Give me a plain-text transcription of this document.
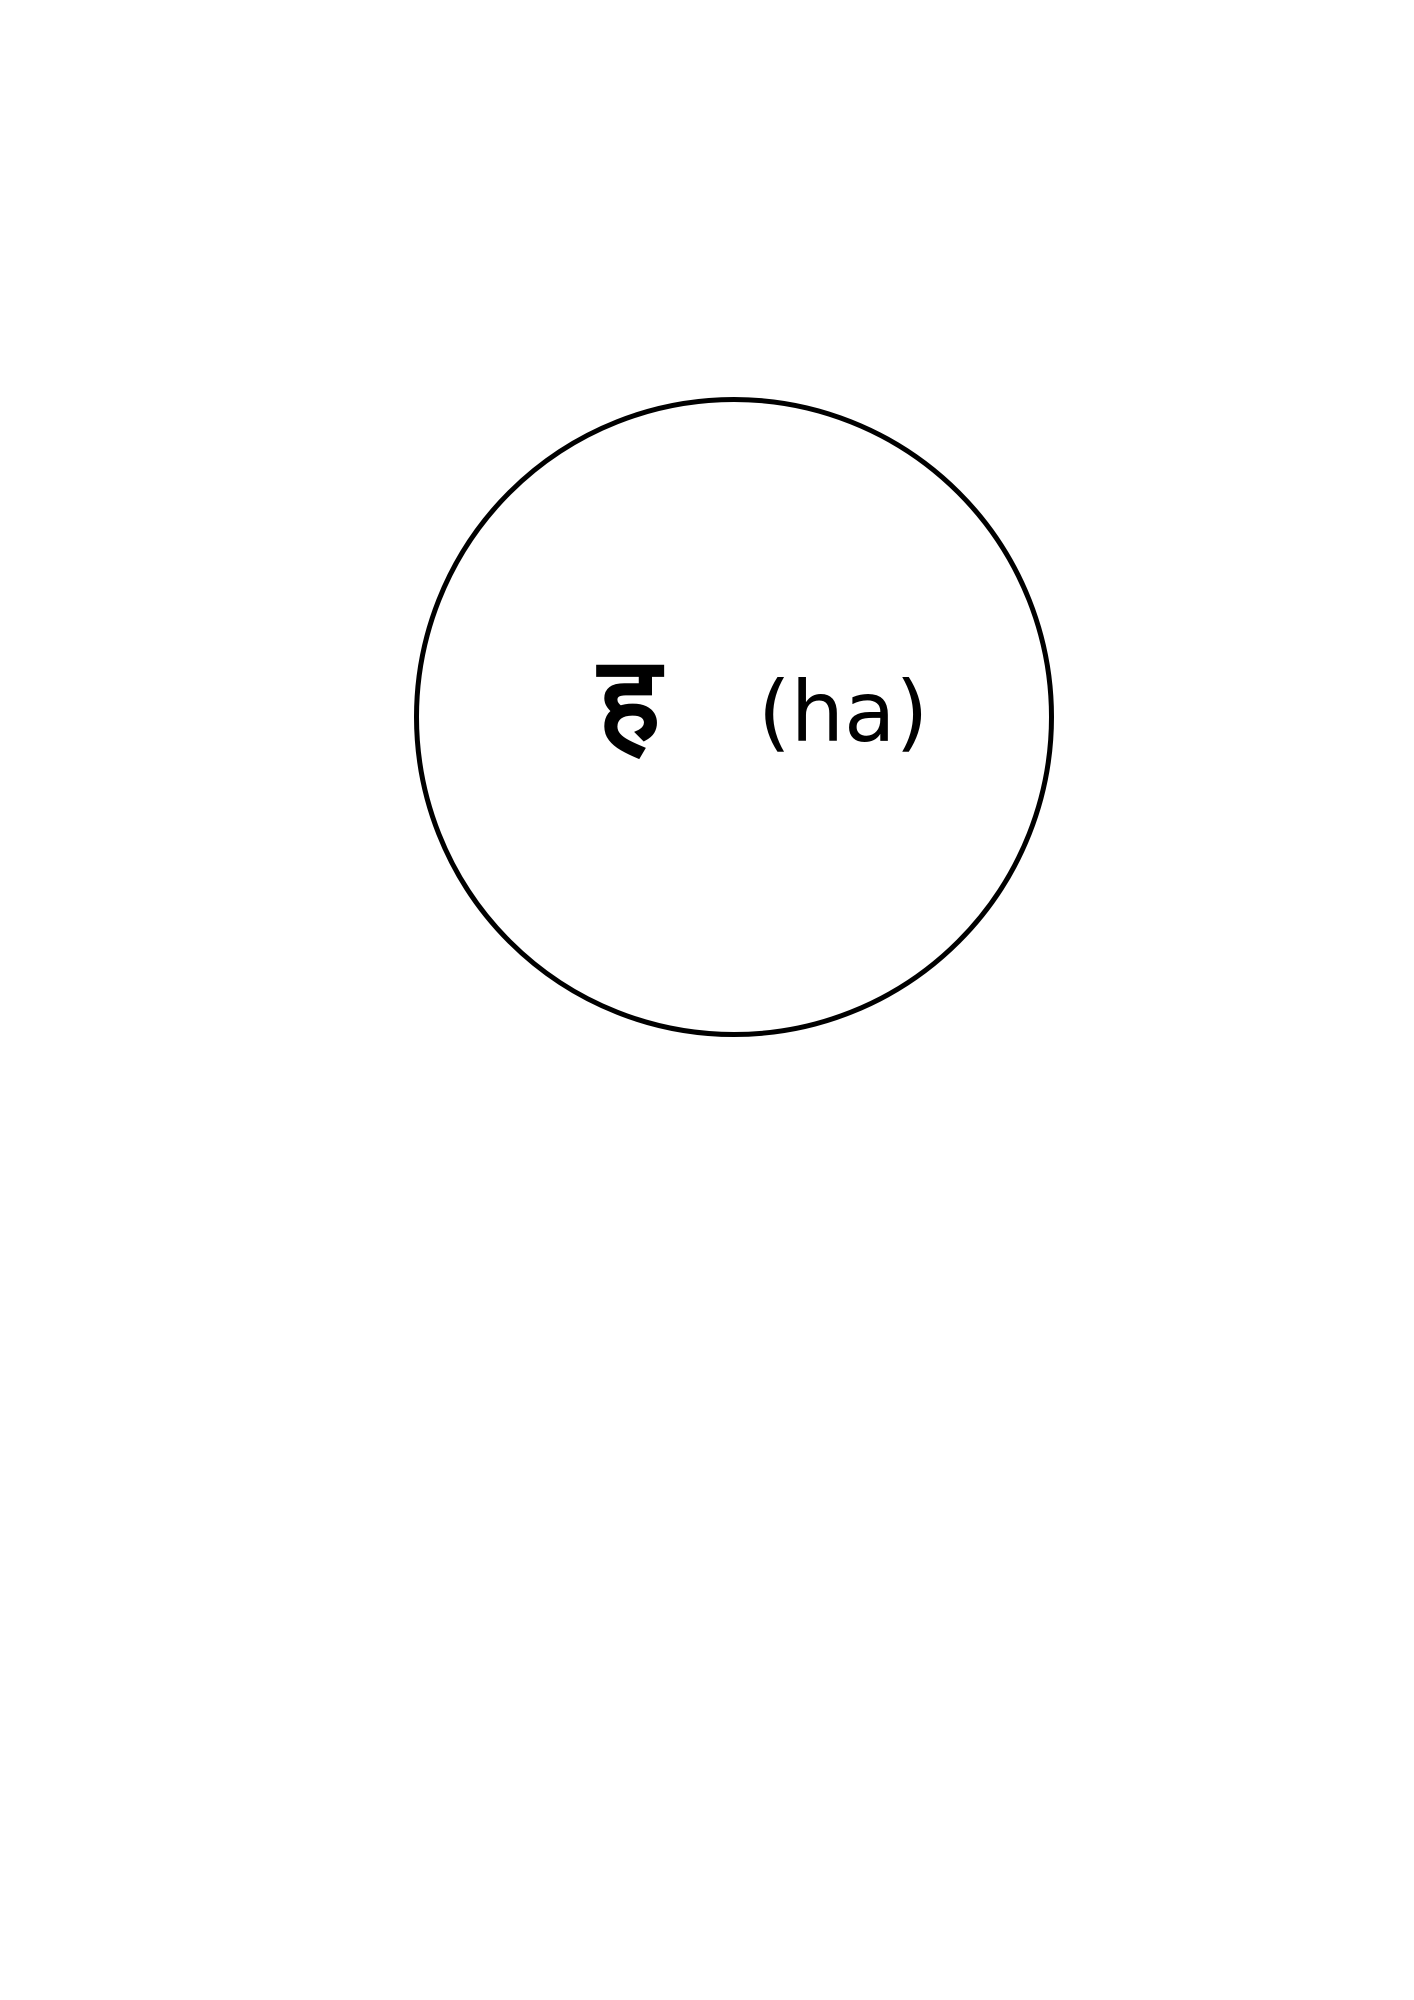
ह (ha)
